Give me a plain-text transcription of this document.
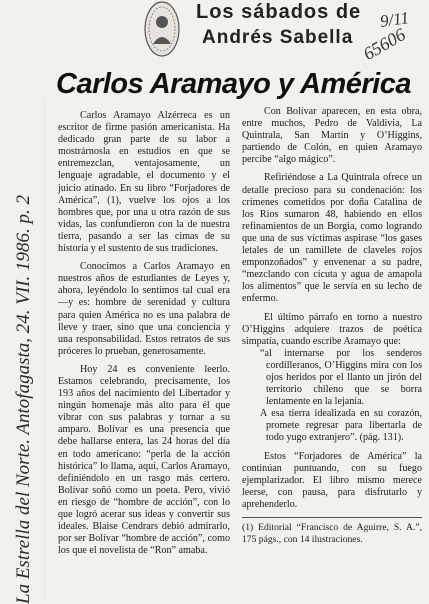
Los sábados de
Andrés Sabella
9/11
65606
Carlos Aramayo y América
La Estrella del Norte. Antofagasta, 24. VII. 1986. p. 2

Carlos Aramayo Alzérreca es un escritor de firme pasión americanista. Ha dedicado gran parte de su labor a mostrárnosla en estudios en que se entremezclan, ventajosamente, un lenguaje agradable, el documento y el juicio atinado. En su libro “Forjadores de América”, (1), vuelve los ojos a los hombres que, por una u otra razón de sus vidas, las confundieron con la de nuestra tierra, pasando a ser las cimas de su historia y el sustento de sus tradiciones.

Conocimos a Carlos Aramayo en nuestros años de estudiantes de Leyes y, ahora, leyéndolo lo sentimos tal cual era —y es: hombre de serenidad y cultura para quien América no es una palabra de lleve y traer, sino que una conciencia y una responsabilidad. Estos retratos de sus próceres lo prueban, generosamente.

Hoy 24 es conveniente leerlo. Estamos celebrando, precisamente, los 193 años del nacimiento del Libertador y ningún homenaje más alto para él que vibrar con sus palabras y tornar a su amparo. Bolívar es una presencia que debe hallarse entera, las 24 horas del día en todo americano: “perla de la acción histórica” lo llama, aquí, Carlos Aramayo, definiéndolo en un rasgo más certero. Bolívar soñó como un poeta. Pero, vivió en riesgo de “hombre de acción”, con lo que logró acerar sus ideas y convertir sus ideales. Blaise Cendrars debió admirarlo, por ser Bolívar “hombre de acción”, como los que el novelista de “Ron” amaba.

Con Bolívar aparecen, en esta obra, entre muchos, Pedro de Valdivia, La Quintrala, San Martín y O’Higgins, partiendo de Colón, en quien Aramayo percibe “algo mágico”.

Refiriéndose a La Quintrala ofrece un detalle precioso para su condenación: los crímenes cometidos por doña Catalina de los Ríos sumaron 48, habiendo en ellos refinamientos de un Borgia, como logrando que una de sus víctimas aspirase “los gases letales de un ramillete de claveles rojos emponzoñados” y envenenar a su padre, “mezclando con cicuta y agua de amapola los alimentos” que le servía en su lecho de enfermo.

El último párrafo en torno a nuestro O’Higgins adquiere trazos de poética simpatía, cuando escribe Aramayo que:

“al internarse por los senderos cordilleranos, O’Higgins mira con los ojos heridos por el llanto un jirón del territorio chileno que se borra lentamente en la lejanía.

A esa tierra idealizada en su corazón, promete regresar para libertarla de todo yugo extranjero”. (pág. 131).

Estos “Forjadores de América” la continúan puntuando, con su fuego ejemplarizador. El libro mismo merece leerse, con pausa, para disfrutarlo y aprehenderlo.

(1) Editorial “Francisco de Aguirre, S. A.”, 175 págs., con 14 ilustraciones.
